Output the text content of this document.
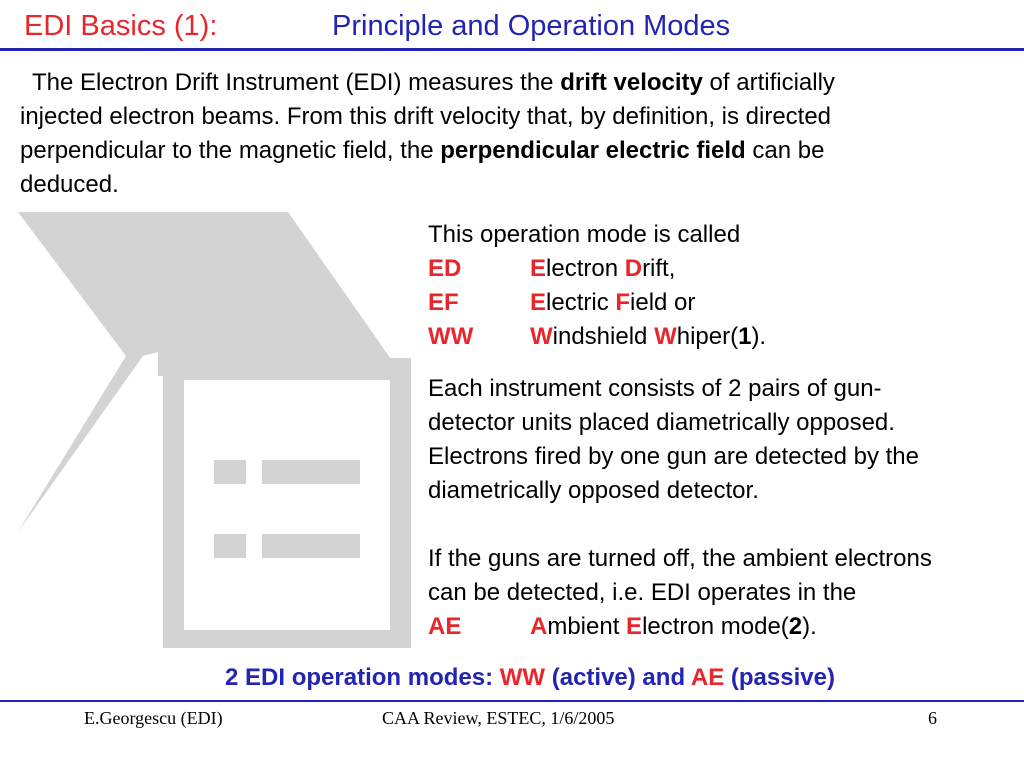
EDI Basics (1):	Principle and Operation Modes
The Electron Drift Instrument (EDI) measures the drift velocity of artificially
injected electron beams. From this drift velocity that, by definition, is directed
perpendicular to the magnetic field, the perpendicular electric field can be
deduced.
This operation mode is called
ED	Electron Drift,
EF	Electric Field or
WW Windshield Whiper(1).
Each instrument consists of 2 pairs of gun-
detector units placed diametrically opposed.
Electrons fired by one gun are detected by the
diametrically opposed detector.
If the guns are turned off, the ambient electrons
can be detected, i.e. EDI operates in the
AE	Ambient Electron mode(2).
2 EDI operation modes: WW (active) and AE (passive)
E.Georgescu (EDI)	CAA Review, ESTEC, 1/6/2005	6
